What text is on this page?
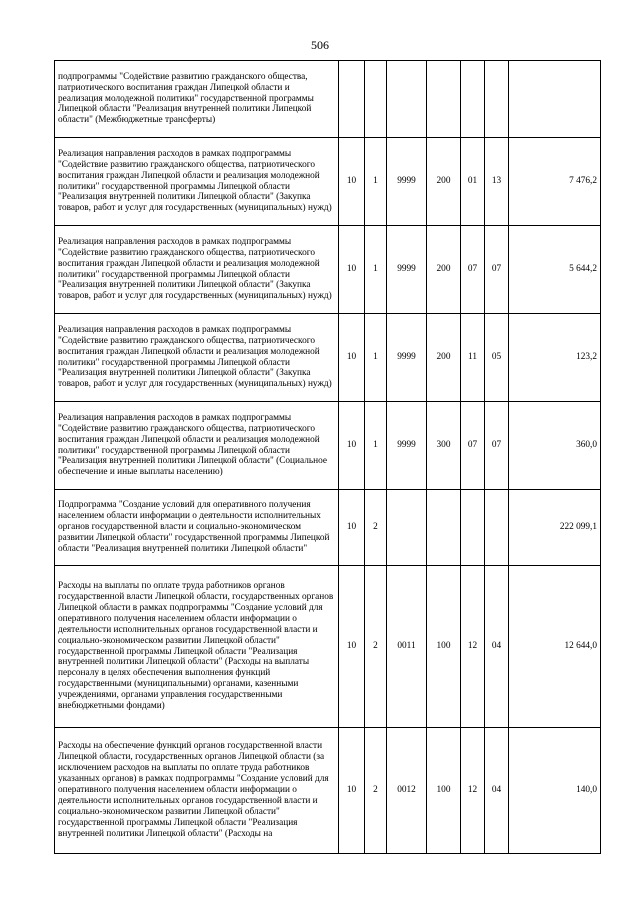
506
подпрограммы "Содействие развитию гражданского общества, патриотического воспитания граждан Липецкой области и реализация молодежной политики" государственной программы Липецкой области "Реализация внутренней политики Липецкой области" (Межбюджетные трансферты)							
Реализация направления расходов в рамках подпрограммы "Содействие развитию гражданского общества, патриотического воспитания граждан Липецкой области и реализация молодежной политики" государственной программы Липецкой области "Реализация внутренней политики Липецкой области" (Закупка товаров, работ и услуг для государственных (муниципальных) нужд)	10	1	9999	200	01	13	7 476,2
Реализация направления расходов в рамках подпрограммы "Содействие развитию гражданского общества, патриотического воспитания граждан Липецкой области и реализация молодежной политики" государственной программы Липецкой области "Реализация внутренней политики Липецкой области" (Закупка товаров, работ и услуг для государственных (муниципальных) нужд)	10	1	9999	200	07	07	5 644,2
Реализация направления расходов в рамках подпрограммы "Содействие развитию гражданского общества, патриотического воспитания граждан Липецкой области и реализация молодежной политики" государственной программы Липецкой области "Реализация внутренней политики Липецкой области" (Закупка товаров, работ и услуг для государственных (муниципальных) нужд)	10	1	9999	200	11	05	123,2
Реализация направления расходов в рамках подпрограммы "Содействие развитию гражданского общества, патриотического воспитания граждан Липецкой области и реализация молодежной политики" государственной программы Липецкой области "Реализация внутренней политики Липецкой области" (Социальное обеспечение и иные выплаты населению)	10	1	9999	300	07	07	360,0
Подпрограмма "Создание условий для оперативного получения населением области информации о деятельности исполнительных органов государственной власти и социально-экономическом развитии Липецкой области" государственной программы Липецкой области "Реализация внутренней политики Липецкой области"	10	2					222 099,1
Расходы на выплаты по оплате труда работников органов государственной власти Липецкой области, государственных органов Липецкой области в рамках подпрограммы "Создание условий для оперативного получения населением области информации о деятельности исполнительных органов государственной власти и социально-экономическом развитии Липецкой области" государственной программы Липецкой области "Реализация внутренней политики Липецкой области" (Расходы на выплаты персоналу в целях обеспечения выполнения функций государственными (муниципальными) органами, казенными учреждениями, органами управления государственными внебюджетными фондами)	10	2	0011	100	12	04	12 644,0
Расходы на обеспечение функций органов государственной власти Липецкой области, государственных органов Липецкой области (за исключением расходов на выплаты по оплате труда работников указанных органов) в рамках подпрограммы "Создание условий для оперативного получения населением области информации о деятельности исполнительных органов государственной власти и социально-экономическом развитии Липецкой области" государственной программы Липецкой области "Реализация внутренней политики Липецкой области" (Расходы на	10	2	0012	100	12	04	140,0
